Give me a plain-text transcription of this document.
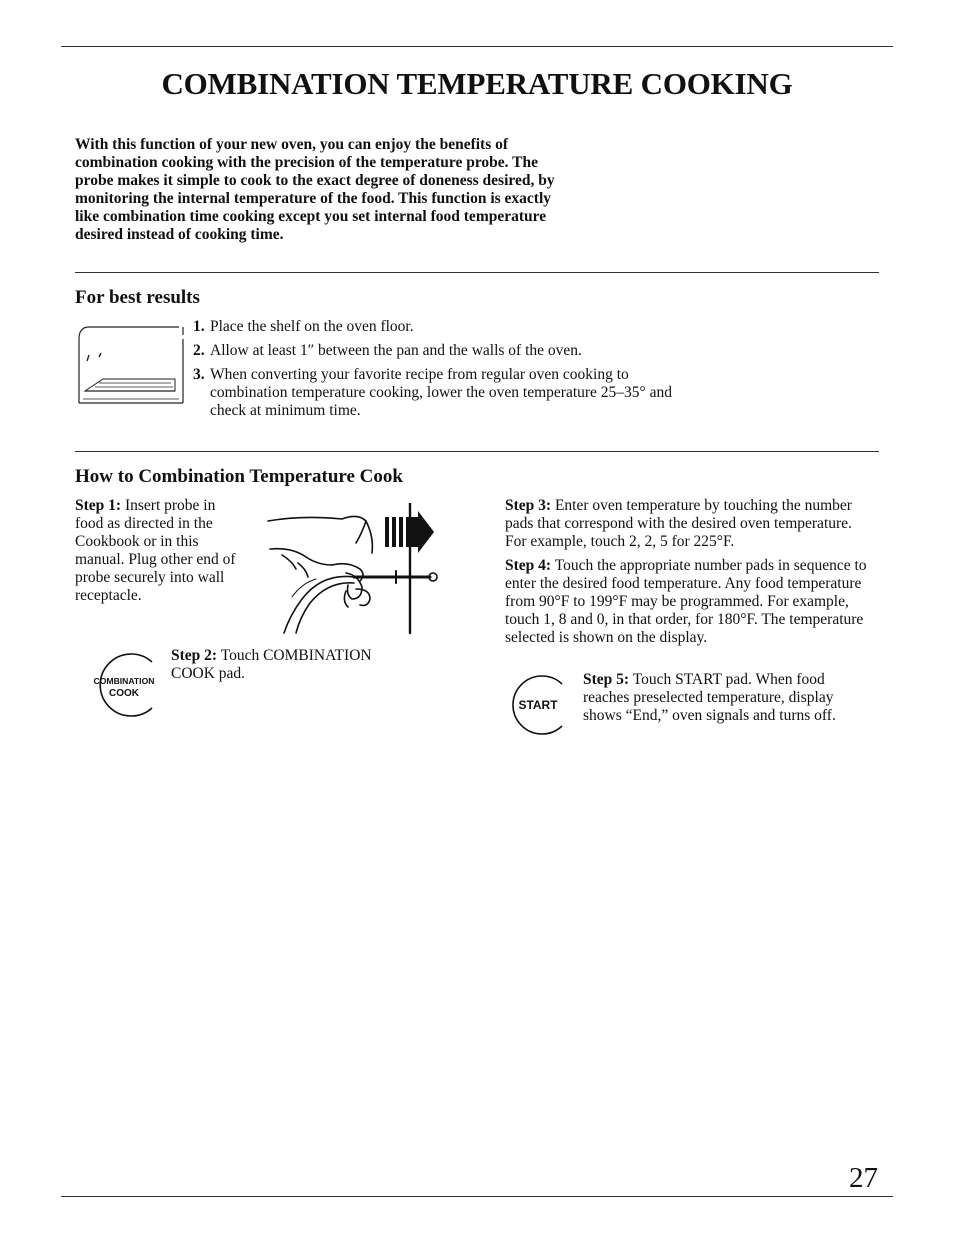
COMBINATION TEMPERATURE COOKING
With this function of your new oven, you can enjoy the benefits of combination cooking with the precision of the temperature probe. The probe makes it simple to cook to the exact degree of doneness desired, by monitoring the internal temperature of the food. This function is exactly like combination time cooking except you set internal food temperature desired instead of cooking time.
For best results
1. Place the shelf on the oven floor.
2. Allow at least 1″ between the pan and the walls of the oven.
3. When converting your favorite recipe from regular oven cooking to combination temperature cooking, lower the oven temperature 25–35° and check at minimum time.
How to Combination Temperature Cook
Step 1: Insert probe in food as directed in the Cookbook or in this manual. Plug other end of probe securely into wall receptacle.
COMBINATION
COOK
Step 2: Touch COMBINATION COOK pad.
Step 3: Enter oven temperature by touching the number pads that correspond with the desired oven temperature. For example, touch 2, 2, 5 for 225°F.
Step 4: Touch the appropriate number pads in sequence to enter the desired food temperature. Any food temperature from 90°F to 199°F may be programmed. For example, touch 1, 8 and 0, in that order, for 180°F. The temperature selected is shown on the display.
START
Step 5: Touch START pad. When food reaches preselected temperature, display shows “End,” oven signals and turns off.
27
